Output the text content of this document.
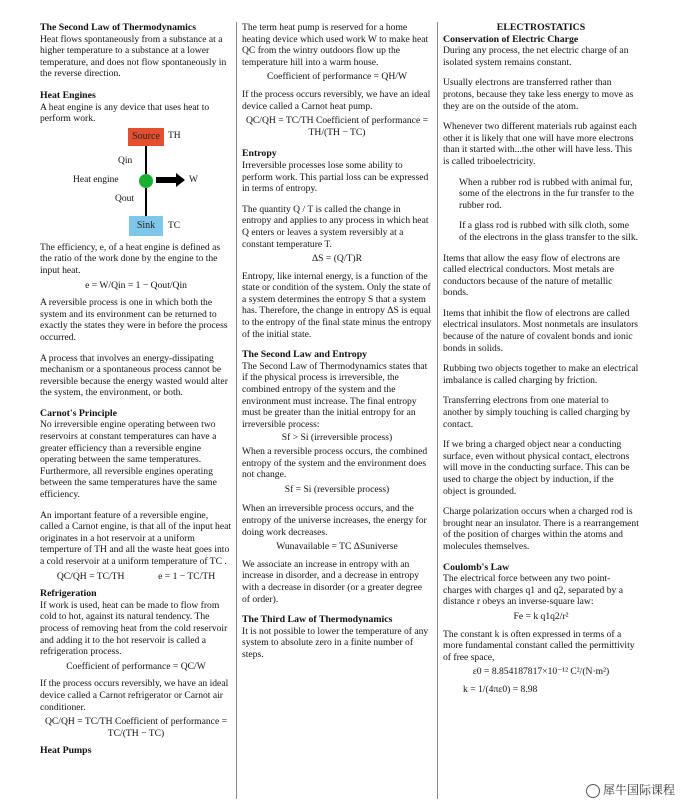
The Second Law of Thermodynamics

Heat flows spontaneously from a substance at a higher temperature to a substance at a lower temperature, and does not flow spontaneously in the reverse direction.

Heat Engines

A heat engine is any device that uses heat to perform work.

Source TH
Qin
Heat engine	W
Qout
Sink	TC

The efficiency, e, of a heat engine is defined as the ratio of the work done by the engine to the input heat.

e = W/Qin = 1 − Qout/Qin

A reversible process is one in which both the system and its environment can be returned to exactly the states they were in before the process occurred.

A process that involves an energy-dissipating mechanism or a spontaneous process cannot be reversible because the energy wasted would alter the system, the environment, or both.

Carnot's Principle

No irreversible engine operating between two reservoirs at constant temperatures can have a greater efficiency than a reversible engine operating between the same temperatures. Furthermore, all reversible engines operating between the same temperatures have the same efficiency.

An important feature of a reversible engine, called a Carnot engine, is that all of the input heat originates in a hot reservoir at a uniform temperture of TH and all the waste heat goes into a cold reservoir at a uniform temperature of TC .

QC/QH = TC/TH	e = 1 − TC/TH
Refrigeration

If work is used, heat can be made to flow from cold to hot, against its natural tendency. The process of removing heat from the cold reservoir and adding it to the hot reservoir is called a refrigeration process.

Coefficient of performance = QC/W

If the process occurs reversibly, we have an ideal device called a Carnot refrigerator or Carnot air conditioner.

QC/QH = TC/TH Coefficient of performance = TC/(TH − TC)
Heat Pumps

The term heat pump is reserved for a home heating device which used work W to make heat QC from the wintry outdoors flow up the temperature hill into a warm house.

Coefficient of performance = QH/W

If the process occurs reversibly, we have an ideal device called a Carnot heat pump.

QC/QH = TC/TH Coefficient of performance = TH/(TH − TC)
Entropy

Irreversible processes lose some ability to perform work. This partial loss can be expressed in terms of entropy.

The quantity Q / T is called the change in entropy and applies to any process in which heat Q enters or leaves a system reversibly at a constant temperature T.

ΔS = (Q/T)R

Entropy, like internal energy, is a function of the state or condition of the system. Only the state of a system determines the entropy S that a system has. Therefore, the change in entropy ΔS is equal to the entropy of the final state minus the entropy of the initial state.

The Second Law and Entropy

The Second Law of Thermodynamics states that if the physical process is irreversible, the combined entropy of the system and the environment must increase. The final entropy must be greater than the initial entropy for an irreversible process:

Sf > Si (irreversible process)

When a reversible process occurs, the combined entropy of the system and the environment does not change.

Sf = Si (reversible process)

When an irreversible process occurs, and the entropy of the universe increases, the energy for doing work decreases.

Wunavailable = TC ΔSuniverse

We associate an increase in entropy with an increase in disorder, and a decrease in entropy with a decrease in disorder (or a greater degree of order).

The Third Law of Thermodynamics

It is not possible to lower the temperature of any system to absolute zero in a finite number of steps.

ELECTROSTATICS
Conservation of Electric Charge

During any process, the net electric charge of an isolated system remains constant.

Usually electrons are transferred rather than protons, because they take less energy to move as they are on the outside of the atom.

Whenever two different materials rub against each other it is likely that one will have more electrons than it started with...the other will have less. This is called triboelectricity.

When a rubber rod is rubbed with animal fur, some of the electrons in the fur transfer to the rubber rod.

If a glass rod is rubbed with silk cloth, some of the electrons in the glass transfer to the silk.

Items that allow the easy flow of electrons are called electrical conductors. Most metals are conductors because of the nature of metallic bonds.

Items that inhibit the flow of electrons are called electrical insulators. Most nonmetals are insulators because of the nature of covalent bonds and ionic bonds in solids.

Rubbing two objects together to make an electrical imbalance is called charging by friction.

Transferring electrons from one material to another by simply touching is called charging by contact.

If we bring a charged object near a conducting surface, even without physical contact, electrons will move in the conducting surface. This can be used to charge the object by induction, if the object is grounded.

Charge polarization occurs when a charged rod is brought near an insulator. There is a rearrangement of the position of charges within the atoms and molecules themselves.

Coulomb's Law

The electrical force between any two point-charges with charges q1 and q2, separated by a distance r obeys an inverse-square law:

Fe = k q1q2/r²

The constant k is often expressed in terms of a more fundamental constant called the permittivity of free space,

ε0 = 8.854187817×10⁻¹² C²/(N·m²)
k = 1/(4πε0) = 8.98
犀牛国际课程
